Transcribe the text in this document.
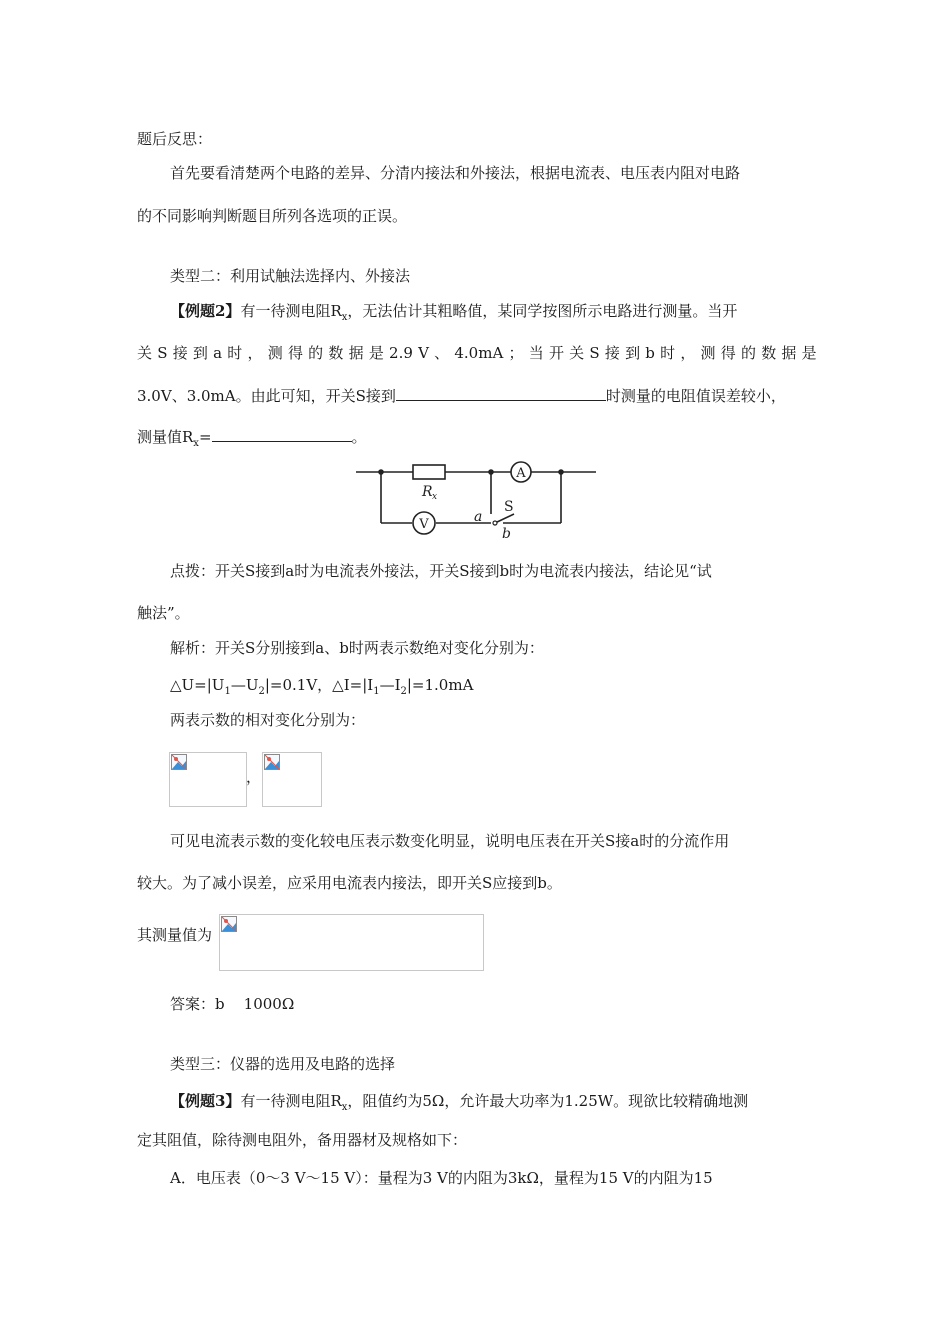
题后反思：
首先要看清楚两个电路的差异、分清内接法和外接法，根据电流表、电压表内阻对电路
的不同影响判断题目所列各选项的正误。
类型二：利用试触法选择内、外接法
【例题2】有一待测电阻$R_x$，无法估计其粗略值，某同学按图所示电路进行测量。当开
关 S 接 到 a 时 ， 测 得 的 数 据 是 2.9 V 、 4.0mA ； 当 开 关 S 接 到 b 时 ， 测 得 的 数 据 是
3.0V、3.0mA。由此可知，开关S接到	时测量的电阻值误差较小，
测量值$R_x=$	。
R x
A
V
S
a
b
点拨：开关S接到a时为电流表外接法，开关S接到b时为电流表内接法，结论见“试
触法”。
解析：开关S分别接到a、b时两表示数绝对变化分别为：
$\triangle U=|U_1—U_2|=0.1V$，$\triangle I=|I_1—I_2|=1.0mA$
两表示数的相对变化分别为：
，
可见电流表示数的变化较电压表示数变化明显，说明电压表在开关S接a时的分流作用
较大。为了减小误差，应采用电流表内接法，即开关S应接到b。
其测量值为
答案：b    1000Ω
类型三：仪器的选用及电路的选择
【例题3】有一待测电阻$R_x$，阻值约为5Ω，允许最大功率为1.25W。现欲比较精确地测
定其阻值，除待测电阻外，备用器材及规格如下：
A．电压表（0～3 V～15 V）：量程为3 V的内阻为3kΩ，量程为15 V的内阻为15
